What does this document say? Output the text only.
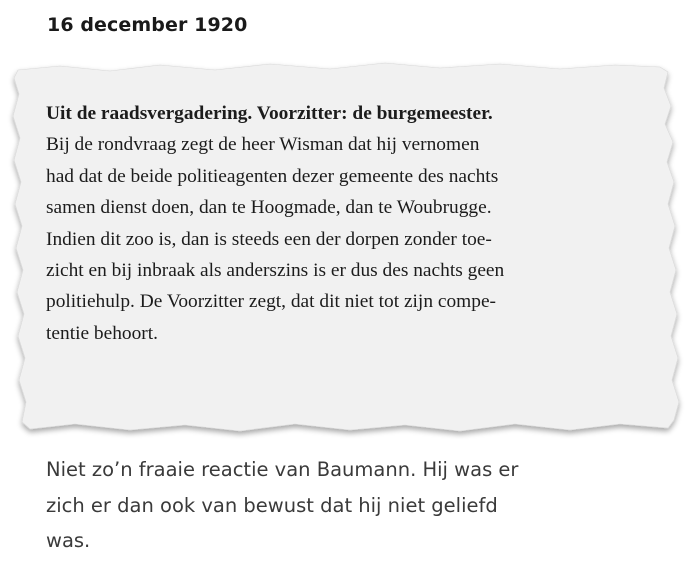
16 december 1920
Uit de raadsvergadering. Voorzitter: de burgemeester.
Bij de rondvraag zegt de heer Wisman dat hij vernomen
had dat de beide politieagenten dezer gemeente des nachts
samen dienst doen, dan te Hoogmade, dan te Woubrugge.
Indien dit zoo is, dan is steeds een der dorpen zonder toe-
zicht en bij inbraak als anderszins is er dus des nachts geen
politiehulp. De Voorzitter zegt, dat dit niet tot zijn compe-
tentie behoort.
Niet zo’n fraaie reactie van Baumann. Hij was er
zich er dan ook van bewust dat hij niet geliefd
was.
